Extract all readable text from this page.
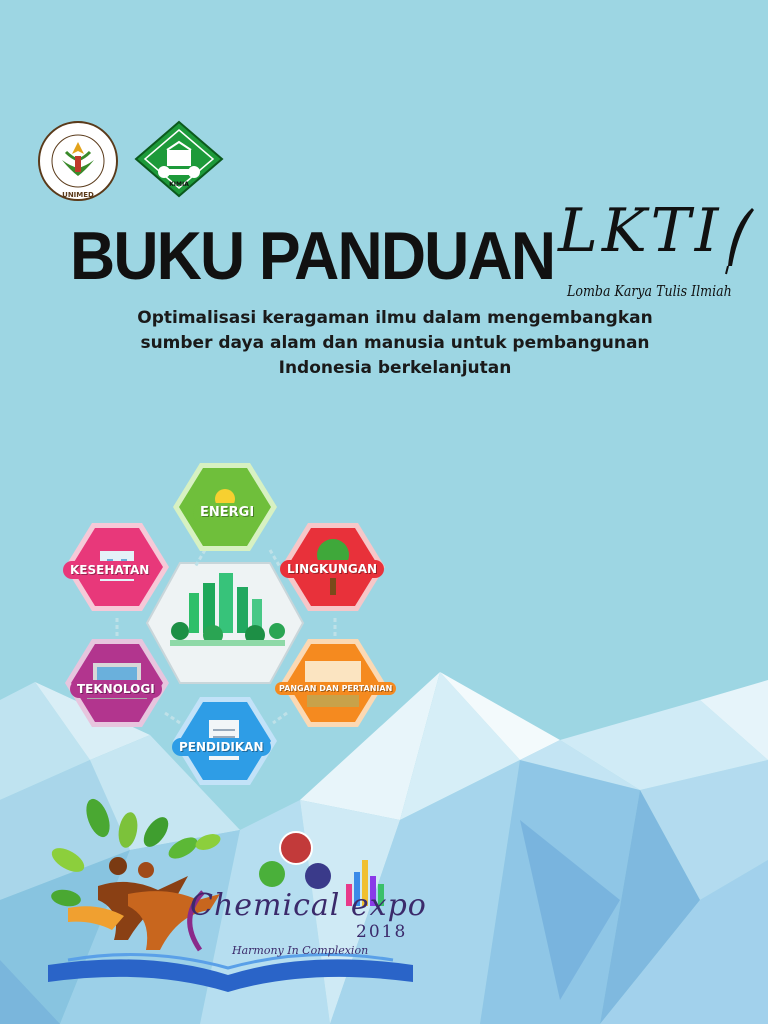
UNIMED
KIMIA
BUKU PANDUAN LKTI
Lomba Karya Tulis Ilmiah
Optimalisasi keragaman ilmu dalam mengembangkan
sumber daya alam dan manusia untuk pembangunan
Indonesia berkelanjutan
ENERGI
LINGKUNGAN
KESEHATAN
TEKNOLOGI	PANGAN DAN PERTANIAN
PENDIDIKAN
Chemical expo
2018
Harmony In Complexion
